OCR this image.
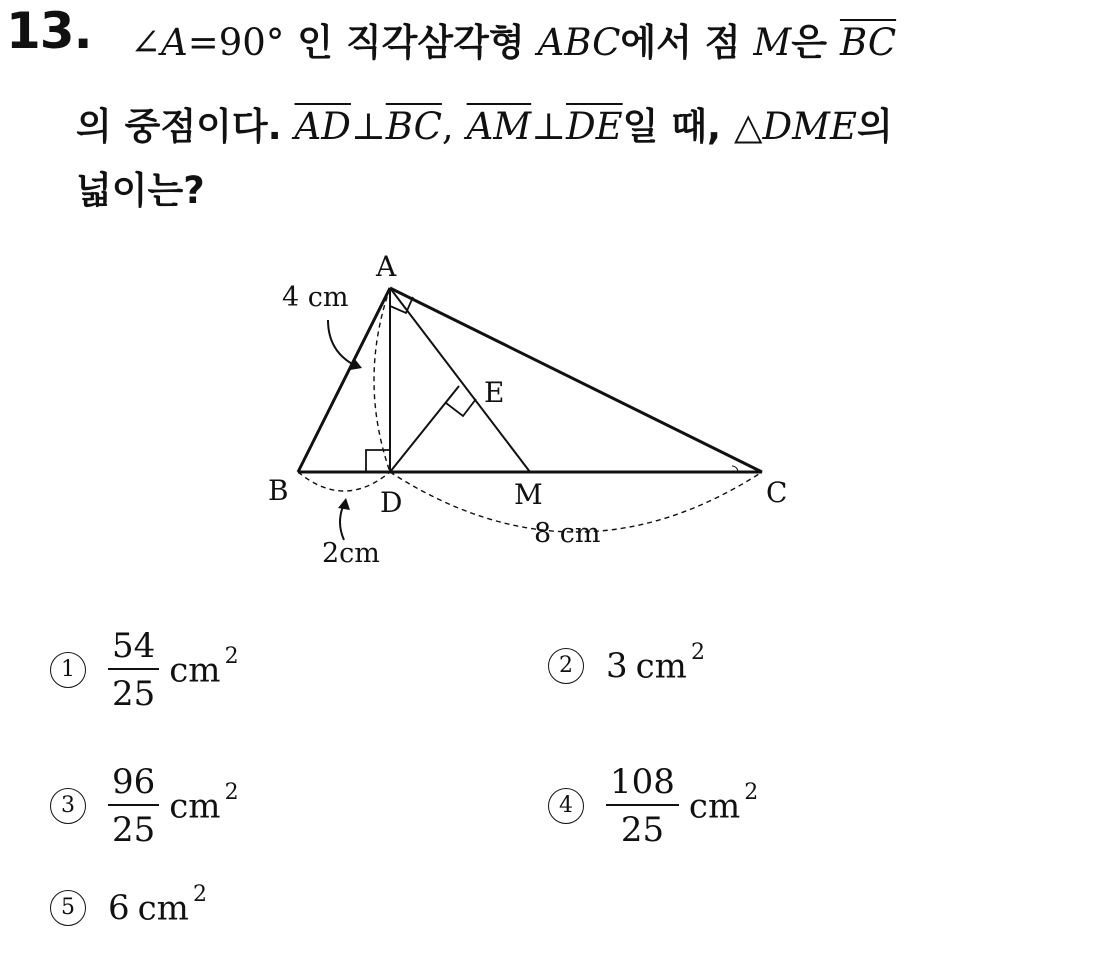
13. ∠A=90° 인 직각삼각형 ABC에서 점 M은 $\overline{BC}$
의 중점이다. $\overline{AD}\perp\overline{BC}$, $\overline{AM}\perp\overline{DE}$일 때, △DME의
넓이는?
A
B	C
D
E
M
4 cm
2cm
8 cm
$1 \frac{54}{25}$ cm $^2$	2 3 cm $^2$
$3 \frac{96}{25}$ cm $^2$
$4 \frac{108}{25}$ cm $^2$
5 6 cm $^2$
